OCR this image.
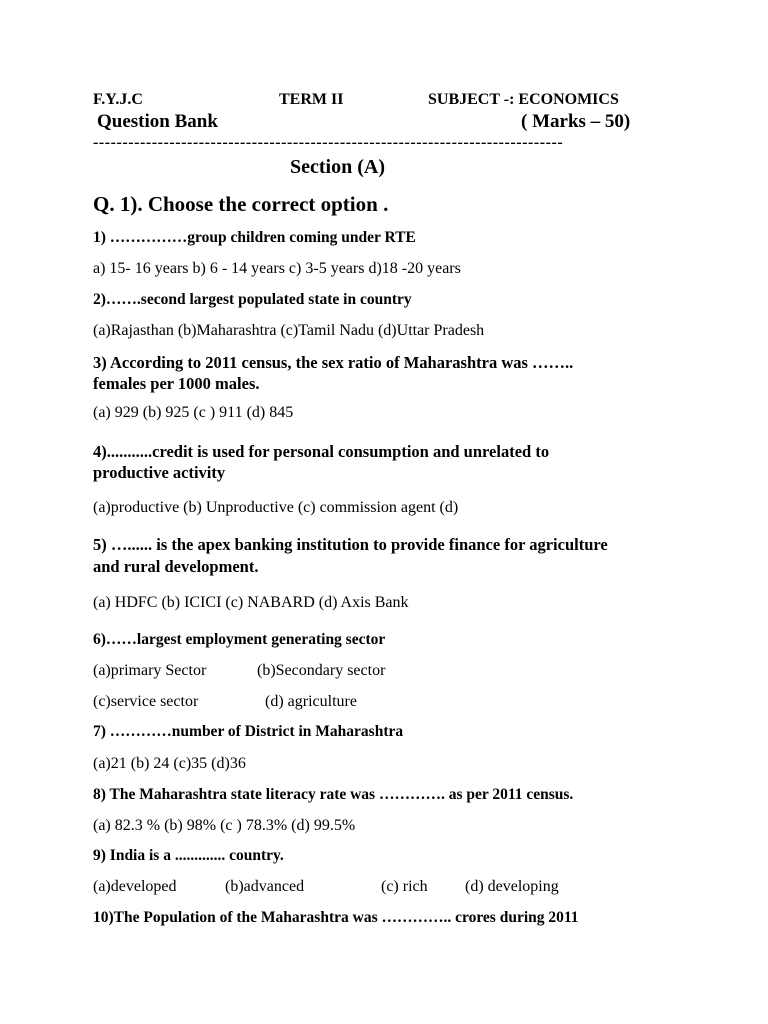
F.Y.J.C	TERM II	SUBJECT -: ECONOMICS
Question Bank	( Marks – 50)
--------------------------------------------------------------------------------
Section (A)
Q. 1). Choose the correct option .
1) ……………group children coming under RTE
a) 15- 16 years b) 6 - 14 years c) 3-5 years d)18 -20 years
2)…….second largest populated state in country
(a)Rajasthan (b)Maharashtra (c)Tamil Nadu (d)Uttar Pradesh
3) According to 2011 census, the sex ratio of Maharashtra was ……..
females per 1000 males.
(a) 929 (b) 925 (c ) 911 (d) 845
4)...........credit is used for personal consumption and unrelated to
productive activity
(a)productive (b) Unproductive (c) commission agent (d)
5) …...... is the apex banking institution to provide finance for agriculture
and rural development.
(a) HDFC (b) ICICI (c) NABARD (d) Axis Bank
6)……largest employment generating sector
(a)primary Sector	(b)Secondary sector
(c)service sector	(d) agriculture
7) …………number of District in Maharashtra
(a)21 (b) 24 (c)35 (d)36
8) The Maharashtra state literacy rate was …………. as per 2011 census.
(a) 82.3 % (b) 98% (c ) 78.3% (d) 99.5%
9) India is a ............. country.
(a)developed	(b)advanced	(c) rich (d) developing
10)The Population of the Maharashtra was ………….. crores during 2011
